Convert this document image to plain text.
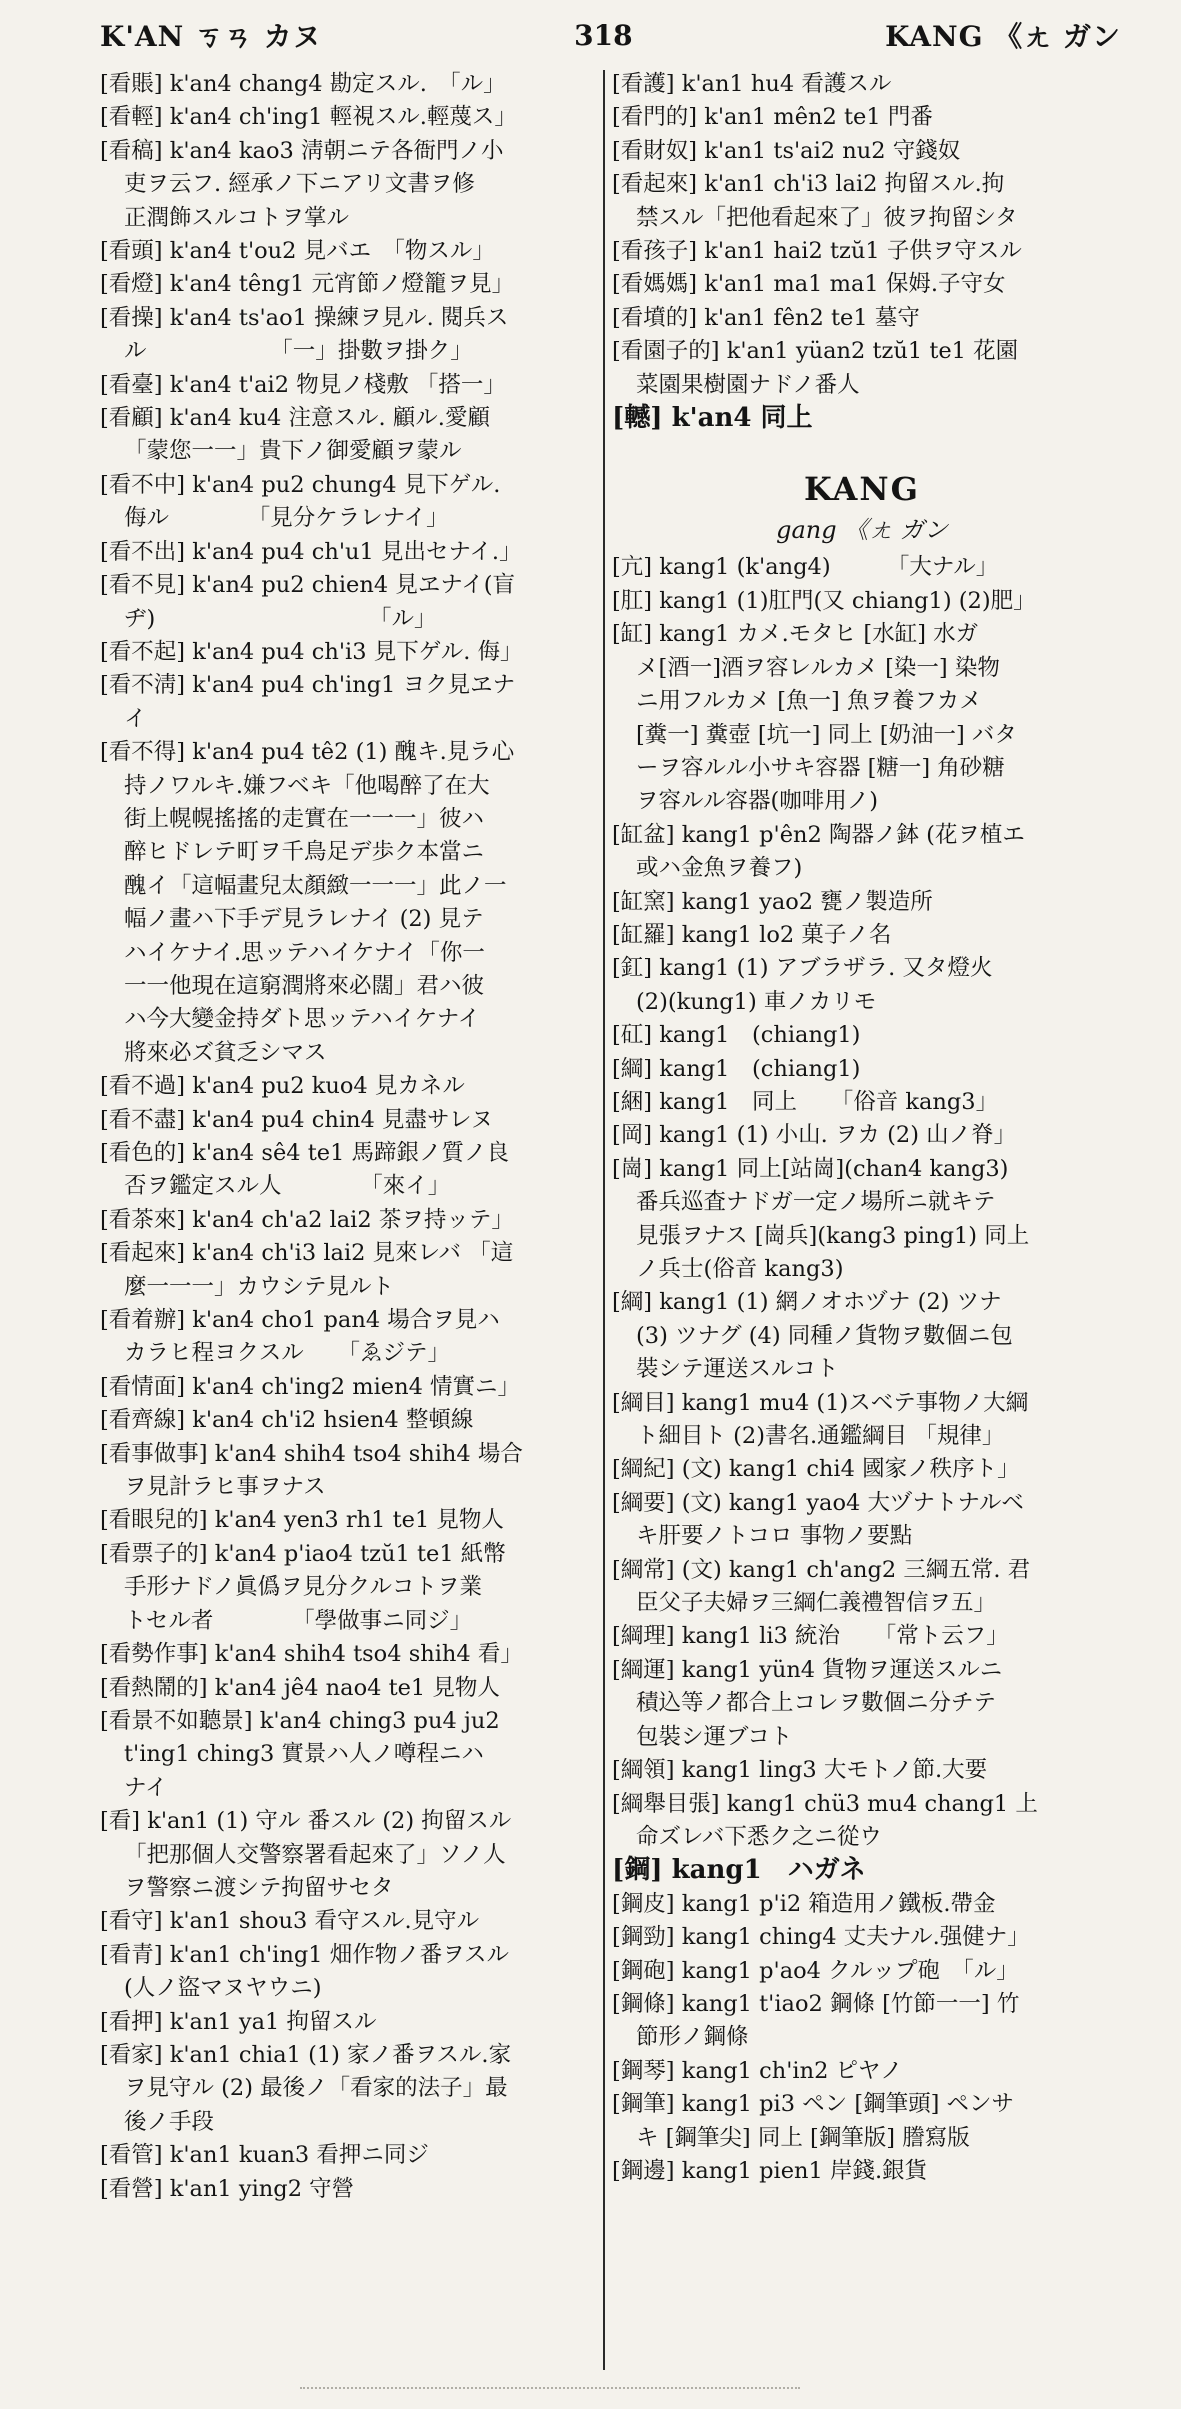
K'AN ㄎㄢ カヌ	318	KANG 《ㄤ ガン
[看賬] k'an4 chang4 勘定スル.　「ル」
[看輕] k'an4 ch'ing1 輕視スル.輕蔑ス」
[看稿] k'an4 kao3 淸朝ニテ各衙門ノ小
吏ヲ云フ. 經承ノ下ニアリ文書ヲ修
正潤飾スルコトヲ掌ル
[看頭] k'an4 t'ou2 見バエ　「物スル」
[看燈] k'an4 têng1 元宵節ノ燈籠ヲ見」
[看操] k'an4 ts'ao1 操練ヲ見ル. 閱兵ス
ル　　　　　　「一」掛數ヲ掛ク」
[看臺] k'an4 t'ai2 物見ノ棧敷 「搭一」
[看顧] k'an4 ku4 注意スル. 顧ル.愛顧
「蒙您一一」貴下ノ御愛顧ヲ蒙ル
[看不中] k'an4 pu2 chung4 見下ゲル.
侮ル　　　　「見分ケラレナイ」
[看不出] k'an4 pu4 ch'u1 見出セナイ.」
[看不見] k'an4 pu2 chien4 見ヱナイ(盲
ヂ)　　　　　　　　　　「ル」
[看不起] k'an4 pu4 ch'i3 見下ゲル. 侮」
[看不淸] k'an4 pu4 ch'ing1 ヨク見ヱナ
イ
[看不得] k'an4 pu4 tê2 (1) 醜キ.見ラ心
持ノワルキ.嫌フベキ「他喝醉了在大
街上幌幌搖搖的走實在一一一」彼ハ
醉ヒドレテ町ヲ千鳥足デ歩ク本當ニ
醜イ「這幅畫兒太顏緻一一一」此ノ一
幅ノ畫ハ下手デ見ラレナイ (2) 見テ
ハイケナイ.思ッテハイケナイ「你一
一一他現在這窮潤將來必闊」君ハ彼
ハ今大變金持ダト思ッテハイケナイ
將來必ズ貧乏シマス
[看不過] k'an4 pu2 kuo4 見カネル
[看不盡] k'an4 pu4 chin4 見盡サレヌ
[看色的] k'an4 sê4 te1 馬蹄銀ノ質ノ良
否ヲ鑑定スル人　　　　「來イ」
[看茶來] k'an4 ch'a2 lai2 茶ヲ持ッテ」
[看起來] k'an4 ch'i3 lai2 見來レバ 「這
麼一一一」カウシテ見ルト
[看着辦] k'an4 cho1 pan4 場合ヲ見ハ
カラヒ程ヨクスル　　「ゑジテ」
[看情面] k'an4 ch'ing2 mien4 情實ニ」
[看齊線] k'an4 ch'i2 hsien4 整頓線
[看事做事] k'an4 shih4 tso4 shih4 場合
ヲ見計ラヒ事ヲナス
[看眼兒的] k'an4 yen3 rh1 te1 見物人
[看票子的] k'an4 p'iao4 tzŭ1 te1 紙幣
手形ナドノ眞僞ヲ見分クルコトヲ業
トセル者　　　　「學做事ニ同ジ」
[看勢作事] k'an4 shih4 tso4 shih4 看」
[看熱鬧的] k'an4 jê4 nao4 te1 見物人
[看景不如聽景] k'an4 ching3 pu4 ju2
t'ing1 ching3 實景ハ人ノ噂程ニハ
ナイ
[看] k'an1 (1) 守ル 番スル (2) 拘留スル
「把那個人交警察署看起來了」ソノ人
ヲ警察ニ渡シテ拘留サセタ
[看守] k'an1 shou3 看守スル.見守ル
[看青] k'an1 ch'ing1 畑作物ノ番ヲスル
(人ノ盜マヌヤウニ)
[看押] k'an1 ya1 拘留スル
[看家] k'an1 chia1 (1) 家ノ番ヲスル.家
ヲ見守ル (2) 最後ノ「看家的法子」最
後ノ手段
[看管] k'an1 kuan3 看押ニ同ジ
[看營] k'an1 ying2 守營
[看護] k'an1 hu4 看護スル
[看門的] k'an1 mên2 te1 門番
[看財奴] k'an1 ts'ai2 nu2 守錢奴
[看起來] k'an1 ch'i3 lai2 拘留スル.拘
禁スル「把他看起來了」彼ヲ拘留シタ
[看孩子] k'an1 hai2 tzŭ1 子供ヲ守スル
[看媽媽] k'an1 ma1 ma1 保姆.子守女
[看墳的] k'an1 fên2 te1 墓守
[看園子的] k'an1 yüan2 tzŭ1 te1 花園
菜園果樹園ナドノ番人
[轗] k'an4 同上
KANG
gang 《ㄤ ガン
[亢] kang1 (k'ang4)　　　「大ナル」
[肛] kang1 (1)肛門(又 chiang1) (2)肥」
[缸] kang1 カメ.モタヒ [水缸] 水ガ
メ[酒一]酒ヲ容レルカメ [染一] 染物
ニ用フルカメ [魚一] 魚ヲ養フカメ
[糞一] 糞壺 [坑一] 同上 [奶油一] バタ
ーヲ容ルル小サキ容器 [糖一] 角砂糖
ヲ容ルル容器(咖啡用ノ)
[缸盆] kang1 p'ên2 陶器ノ鉢 (花ヲ植エ
或ハ金魚ヲ養フ)
[缸窯] kang1 yao2 甕ノ製造所
[缸羅] kang1 lo2 菓子ノ名
[釭] kang1 (1) アブラザラ. 又タ燈火
(2)(kung1) 車ノカリモ
[矼] kang1　(chiang1)
[綱] kang1　(chiang1)
[綑] kang1　同上　　「俗音 kang3」
[岡] kang1 (1) 小山. ヲカ (2) 山ノ脊」
[崗] kang1 同上[站崗](chan4 kang3)
番兵巡査ナドガ一定ノ場所ニ就キテ
見張ヲナス [崗兵](kang3 ping1) 同上
ノ兵士(俗音 kang3)
[綱] kang1 (1) 網ノオホヅナ (2) ツナ
(3) ツナグ (4) 同種ノ貨物ヲ數個ニ包
裝シテ運送スルコト
[綱目] kang1 mu4 (1)スベテ事物ノ大綱
ト細目ト (2)書名.通鑑綱目 「規律」
[綱紀] (文) kang1 chi4 國家ノ秩序ト」
[綱要] (文) kang1 yao4 大ヅナトナルベ
キ肝要ノトコロ 事物ノ要點
[綱常] (文) kang1 ch'ang2 三綱五常. 君
臣父子夫婦ヲ三綱仁義禮智信ヲ五」
[綱理] kang1 li3 統治　　「常ト云フ」
[綱運] kang1 yün4 貨物ヲ運送スルニ
積込等ノ都合上コレヲ數個ニ分チテ
包裝シ運ブコト
[綱領] kang1 ling3 大モトノ節.大要
[綱舉目張] kang1 chü3 mu4 chang1 上
命ズレバ下悉ク之ニ從ウ
[鋼] kang1　ハガネ
[鋼皮] kang1 p'i2 箱造用ノ鐵板.帶金
[鋼勁] kang1 ching4 丈夫ナル.强健ナ」
[鋼砲] kang1 p'ao4 クルップ砲　「ル」
[鋼條] kang1 t'iao2 鋼條 [竹節一一] 竹
節形ノ鋼條
[鋼琴] kang1 ch'in2 ピヤノ
[鋼筆] kang1 pi3 ペン [鋼筆頭] ペンサ
キ [鋼筆尖] 同上 [鋼筆版] 謄寫版
[鋼邊] kang1 pien1 岸錢.銀貨
